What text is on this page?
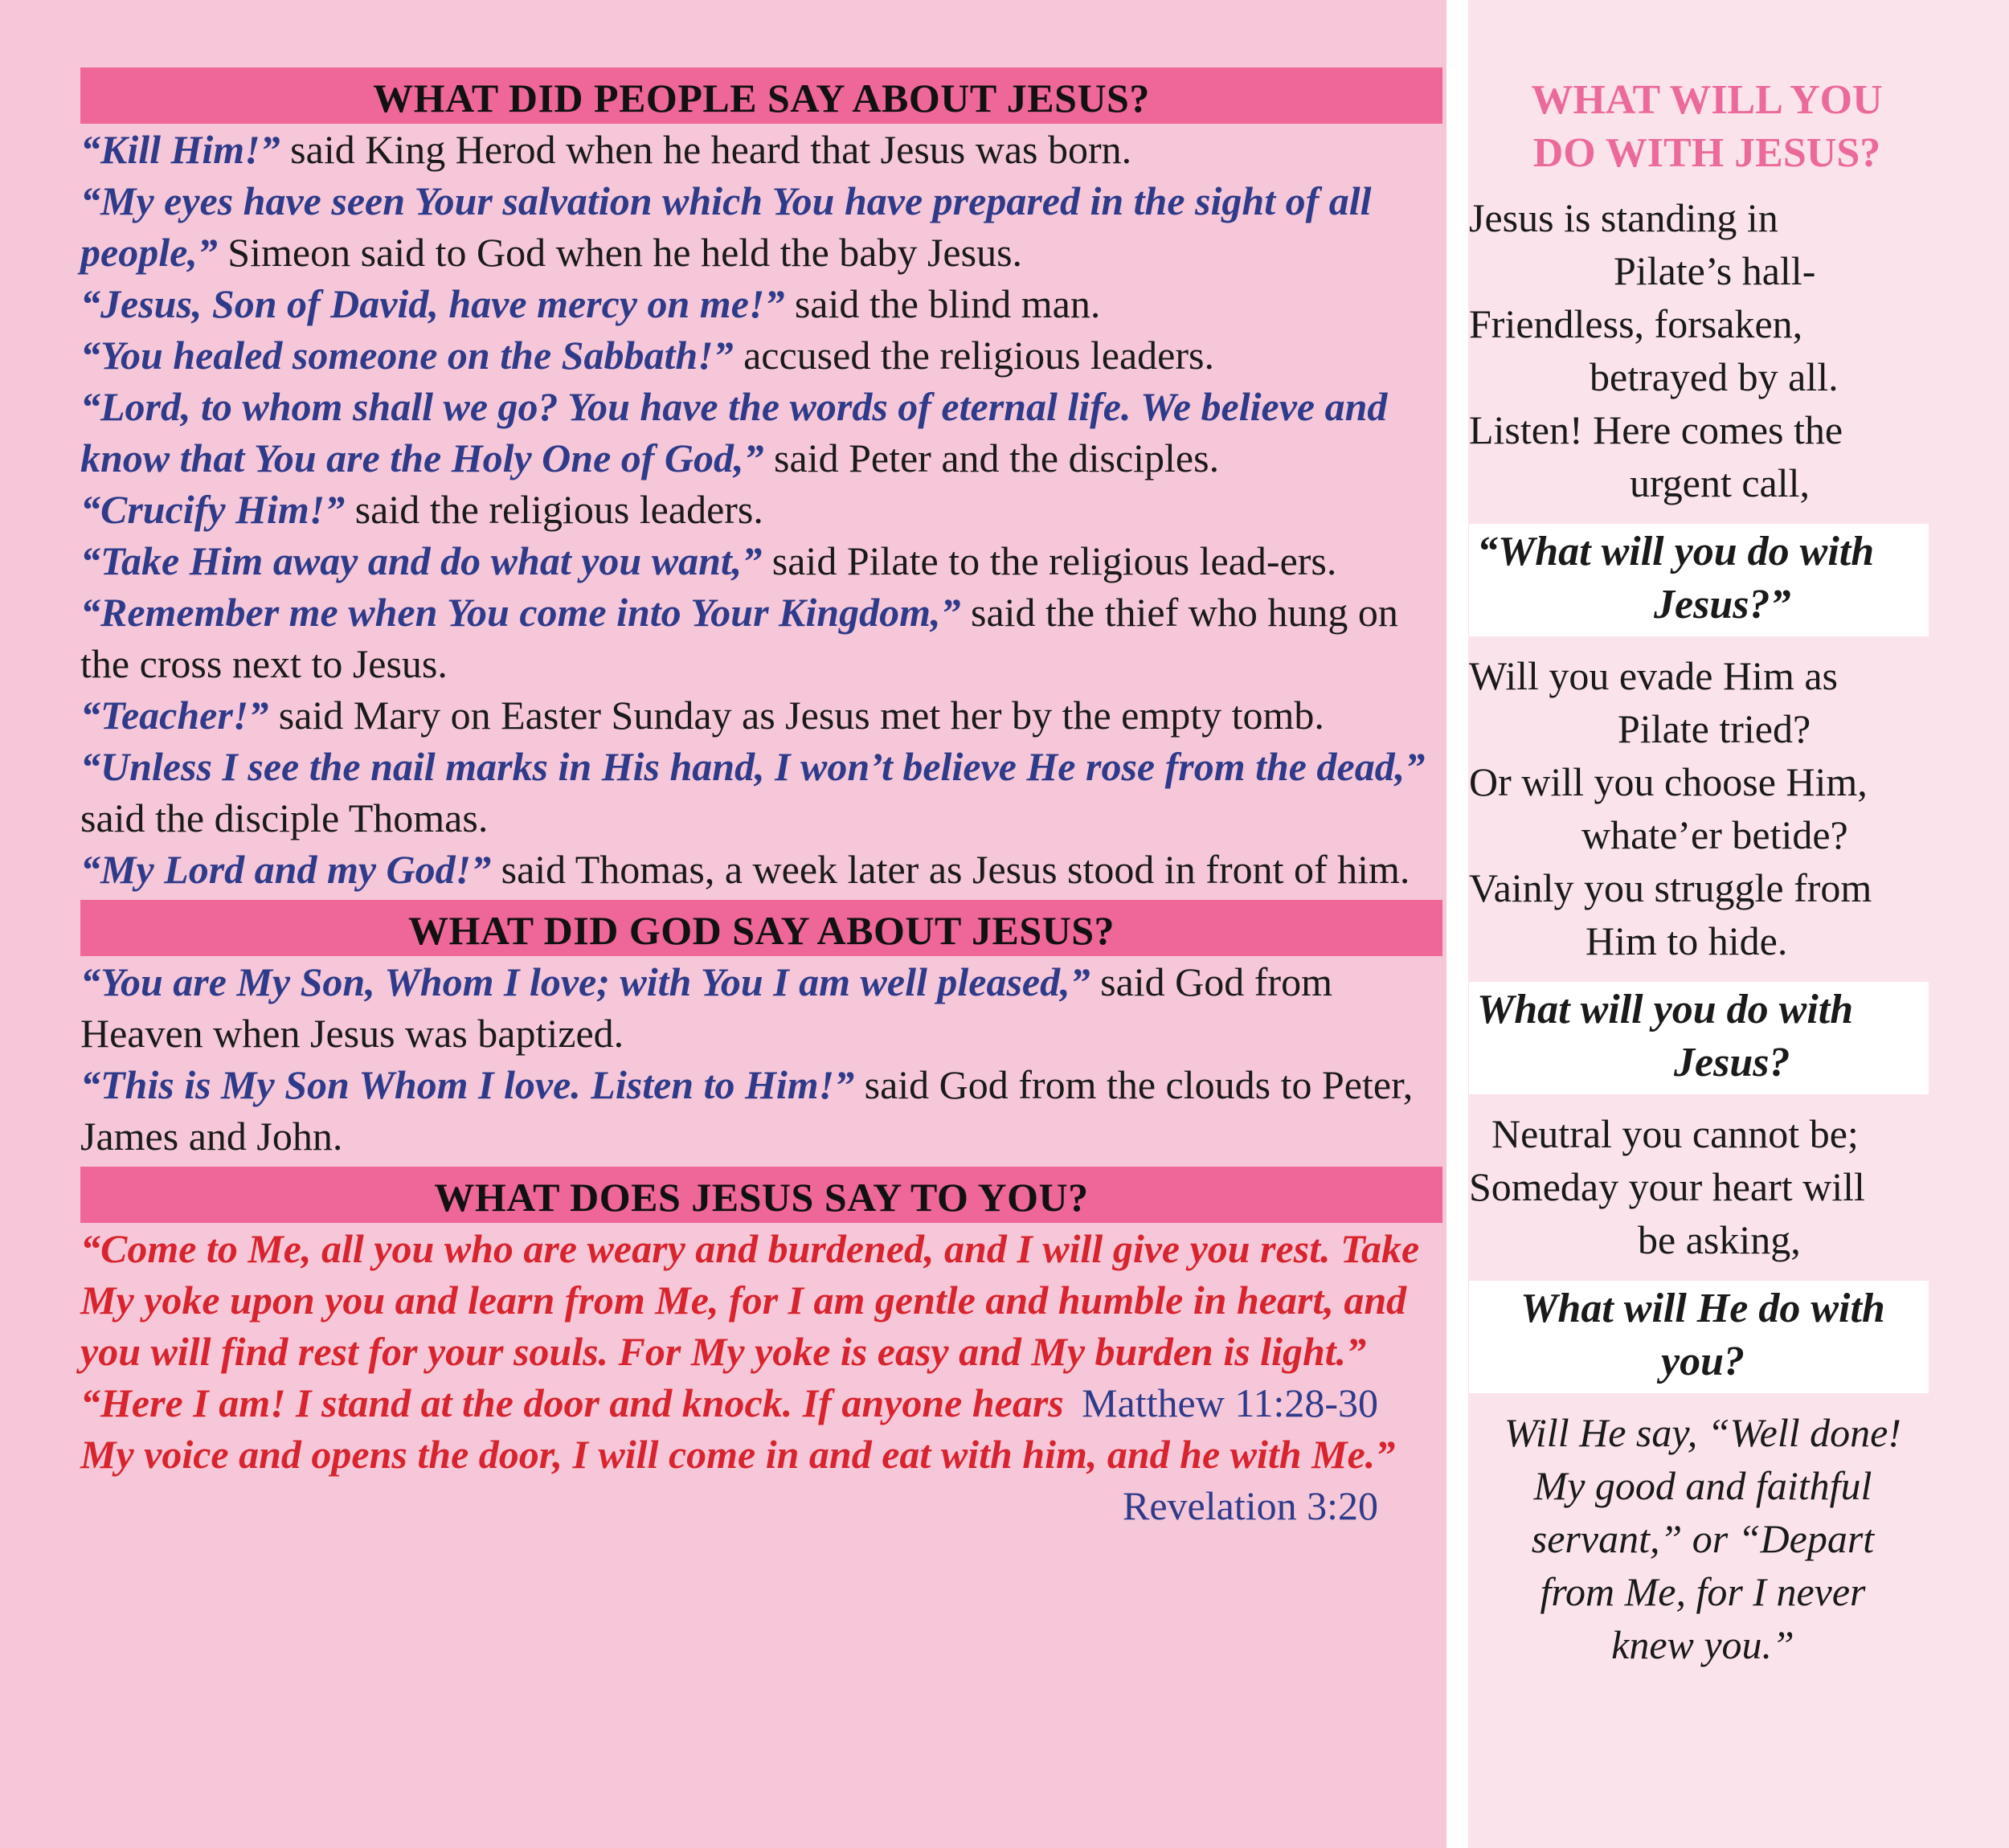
WHAT DID PEOPLE SAY ABOUT JESUS?

“Kill Him!” said King Herod when he heard that Jesus was born.

“My eyes have seen Your salvation which You have prepared in the sight of all people,” Simeon said to God when he held the baby Jesus.

“Jesus, Son of David, have mercy on me!” said the blind man.

“You healed someone on the Sabbath!” accused the religious leaders.

“Lord, to whom shall we go? You have the words of eternal life. We believe and know that You are the Holy One of God,” said Peter and the disciples.

“Crucify Him!” said the religious leaders.

“Take Him away and do what you want,” said Pilate to the religious lead-ers.

“Remember me when You come into Your Kingdom,” said the thief who hung on the cross next to Jesus.

“Teacher!” said Mary on Easter Sunday as Jesus met her by the empty tomb.

“Unless I see the nail marks in His hand, I won’t believe He rose from the dead,” said the disciple Thomas.

“My Lord and my God!” said Thomas, a week later as Jesus stood in front of him.

WHAT DID GOD SAY ABOUT JESUS?

“You are My Son, Whom I love; with You I am well pleased,” said God from Heaven when Jesus was baptized.

“This is My Son Whom I love. Listen to Him!” said God from the clouds to Peter, James and John.

WHAT DOES JESUS SAY TO YOU?

“Come to Me, all you who are weary and burdened, and I will give you rest. Take My yoke upon you and learn from Me, for I am gentle and humble in heart, and you will find rest for your souls. For My yoke is easy and My burden is light.”
Matthew 11:28-30

“Here I am! I stand at the door and knock. If anyone hears My voice and opens the door, I will come in and eat with him, and he with Me.”

Revelation 3:20
WHAT WILL YOU
DO WITH JESUS?

Jesus is standing in

Pilate’s hall-

Friendless, forsaken,

betrayed by all.

Listen! Here comes the

urgent call,

“What will you do with
Jesus?”

Will you evade Him as

Pilate tried?

Or will you choose Him,

whate’er betide?

Vainly you struggle from

Him to hide.

What will you do with
Jesus?

Neutral you cannot be;

Someday your heart will

be asking,

What will He do with
you?
Will He say, “Well done!
My good and faithful
servant,” or “Depart
from Me, for I never
knew you.”
